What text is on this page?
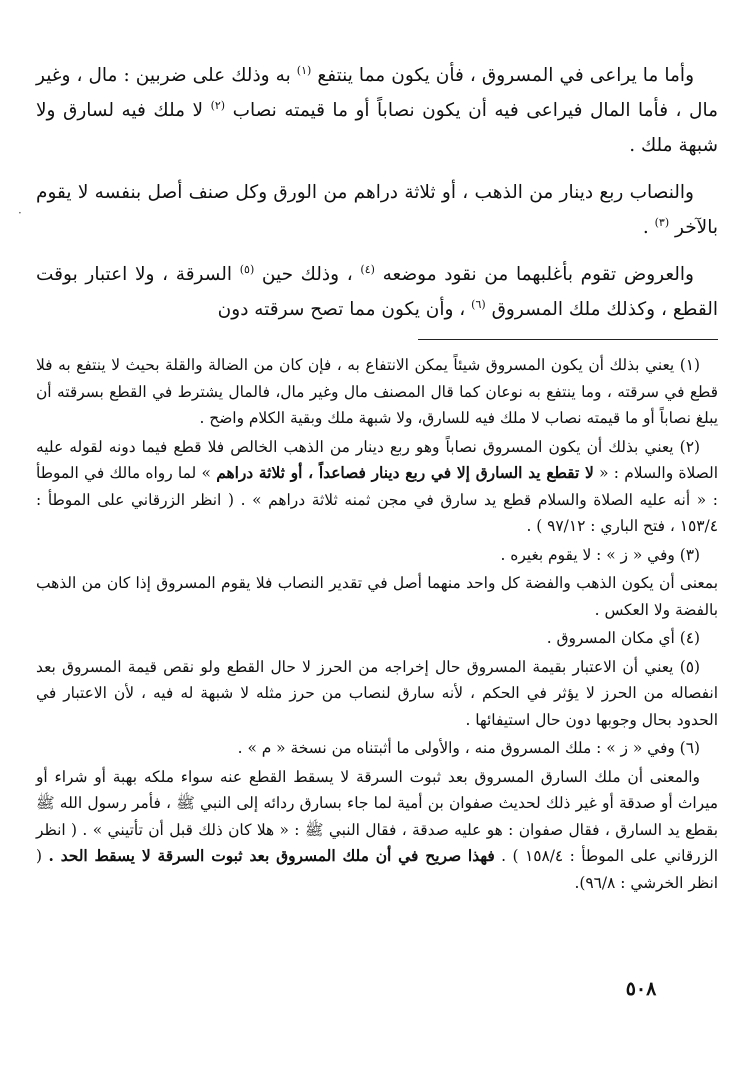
·

وأما ما يراعى في المسروق ، فأن يكون مما ينتفع $^{(١)}$ به وذلك على ضربين : مال ، وغير مال ، فأما المال فيراعى فيه أن يكون نصاباً أو ما قيمته نصاب $^{(٢)}$ لا ملك فيه لسارق ولا شبهة ملك .

والنصاب ربع دينار من الذهب ، أو ثلاثة دراهم من الورق وكل صنف أصل بنفسه لا يقوم بالآخر $^{(٣)}$ .

والعروض تقوم بأغلبهما من نقود موضعه $^{(٤)}$ ، وذلك حين $^{(٥)}$ السرقة ، ولا اعتبار بوقت القطع ، وكذلك ملك المسروق $^{(٦)}$ ، وأن يكون مما تصح سرقته دون

(١) يعني بذلك أن يكون المسروق شيئاً يمكن الانتفاع به ، فإن كان من الضالة والقلة بحيث لا ينتفع به فلا قطع في سرقته ، وما ينتفع به نوعان كما قال المصنف مال وغير مال، فالمال يشترط في القطع بسرقته أن يبلغ نصاباً أو ما قيمته نصاب لا ملك فيه للسارق، ولا شبهة ملك وبقية الكلام واضح .

(٢) يعني بذلك أن يكون المسروق نصاباً وهو ربع دينار من الذهب الخالص فلا قطع فيما دونه لقوله عليه الصلاة والسلام : « لا تقطع يد السارق إلا في ربع دينار فصاعداً ، أو ثلاثة دراهم » لما رواه مالك في الموطأ : « أنه عليه الصلاة والسلام قطع يد سارق في مجن ثمنه ثلاثة دراهم » . ( انظر الزرقاني على الموطأ : ١٥٣/٤ ، فتح الباري : ٩٧/١٢ ) .

(٣) وفي « ز » : لا يقوم بغيره .

بمعنى أن يكون الذهب والفضة كل واحد منهما أصل في تقدير النصاب فلا يقوم المسروق إذا كان من الذهب بالفضة ولا العكس .

(٤) أي مكان المسروق .

(٥) يعني أن الاعتبار بقيمة المسروق حال إخراجه من الحرز لا حال القطع ولو نقص قيمة المسروق بعد انفصاله من الحرز لا يؤثر في الحكم ، لأنه سارق لنصاب من حرز مثله لا شبهة له فيه ، لأن الاعتبار في الحدود بحال وجوبها دون حال استيفائها .

(٦) وفي « ز » : ملك المسروق منه ، والأولى ما أثبتناه من نسخة « م » .

والمعنى أن ملك السارق المسروق بعد ثبوت السرقة لا يسقط القطع عنه سواء ملكه بهبة أو شراء أو ميراث أو صدقة أو غير ذلك لحديث صفوان بن أمية لما جاء بسارق ردائه إلى النبي ﷺ ، فأمر رسول الله ﷺ بقطع يد السارق ، فقال صفوان : هو عليه صدقة ، فقال النبي ﷺ : « هلا كان ذلك قبل أن تأتيني » . ( انظر الزرقاني على الموطأ : ١٥٨/٤ ) . فهذا صريح في أن ملك المسروق بعد ثبوت السرقة لا يسقط الحد . ( انظر الخرشي : ٩٦/٨).

٥٠٨
